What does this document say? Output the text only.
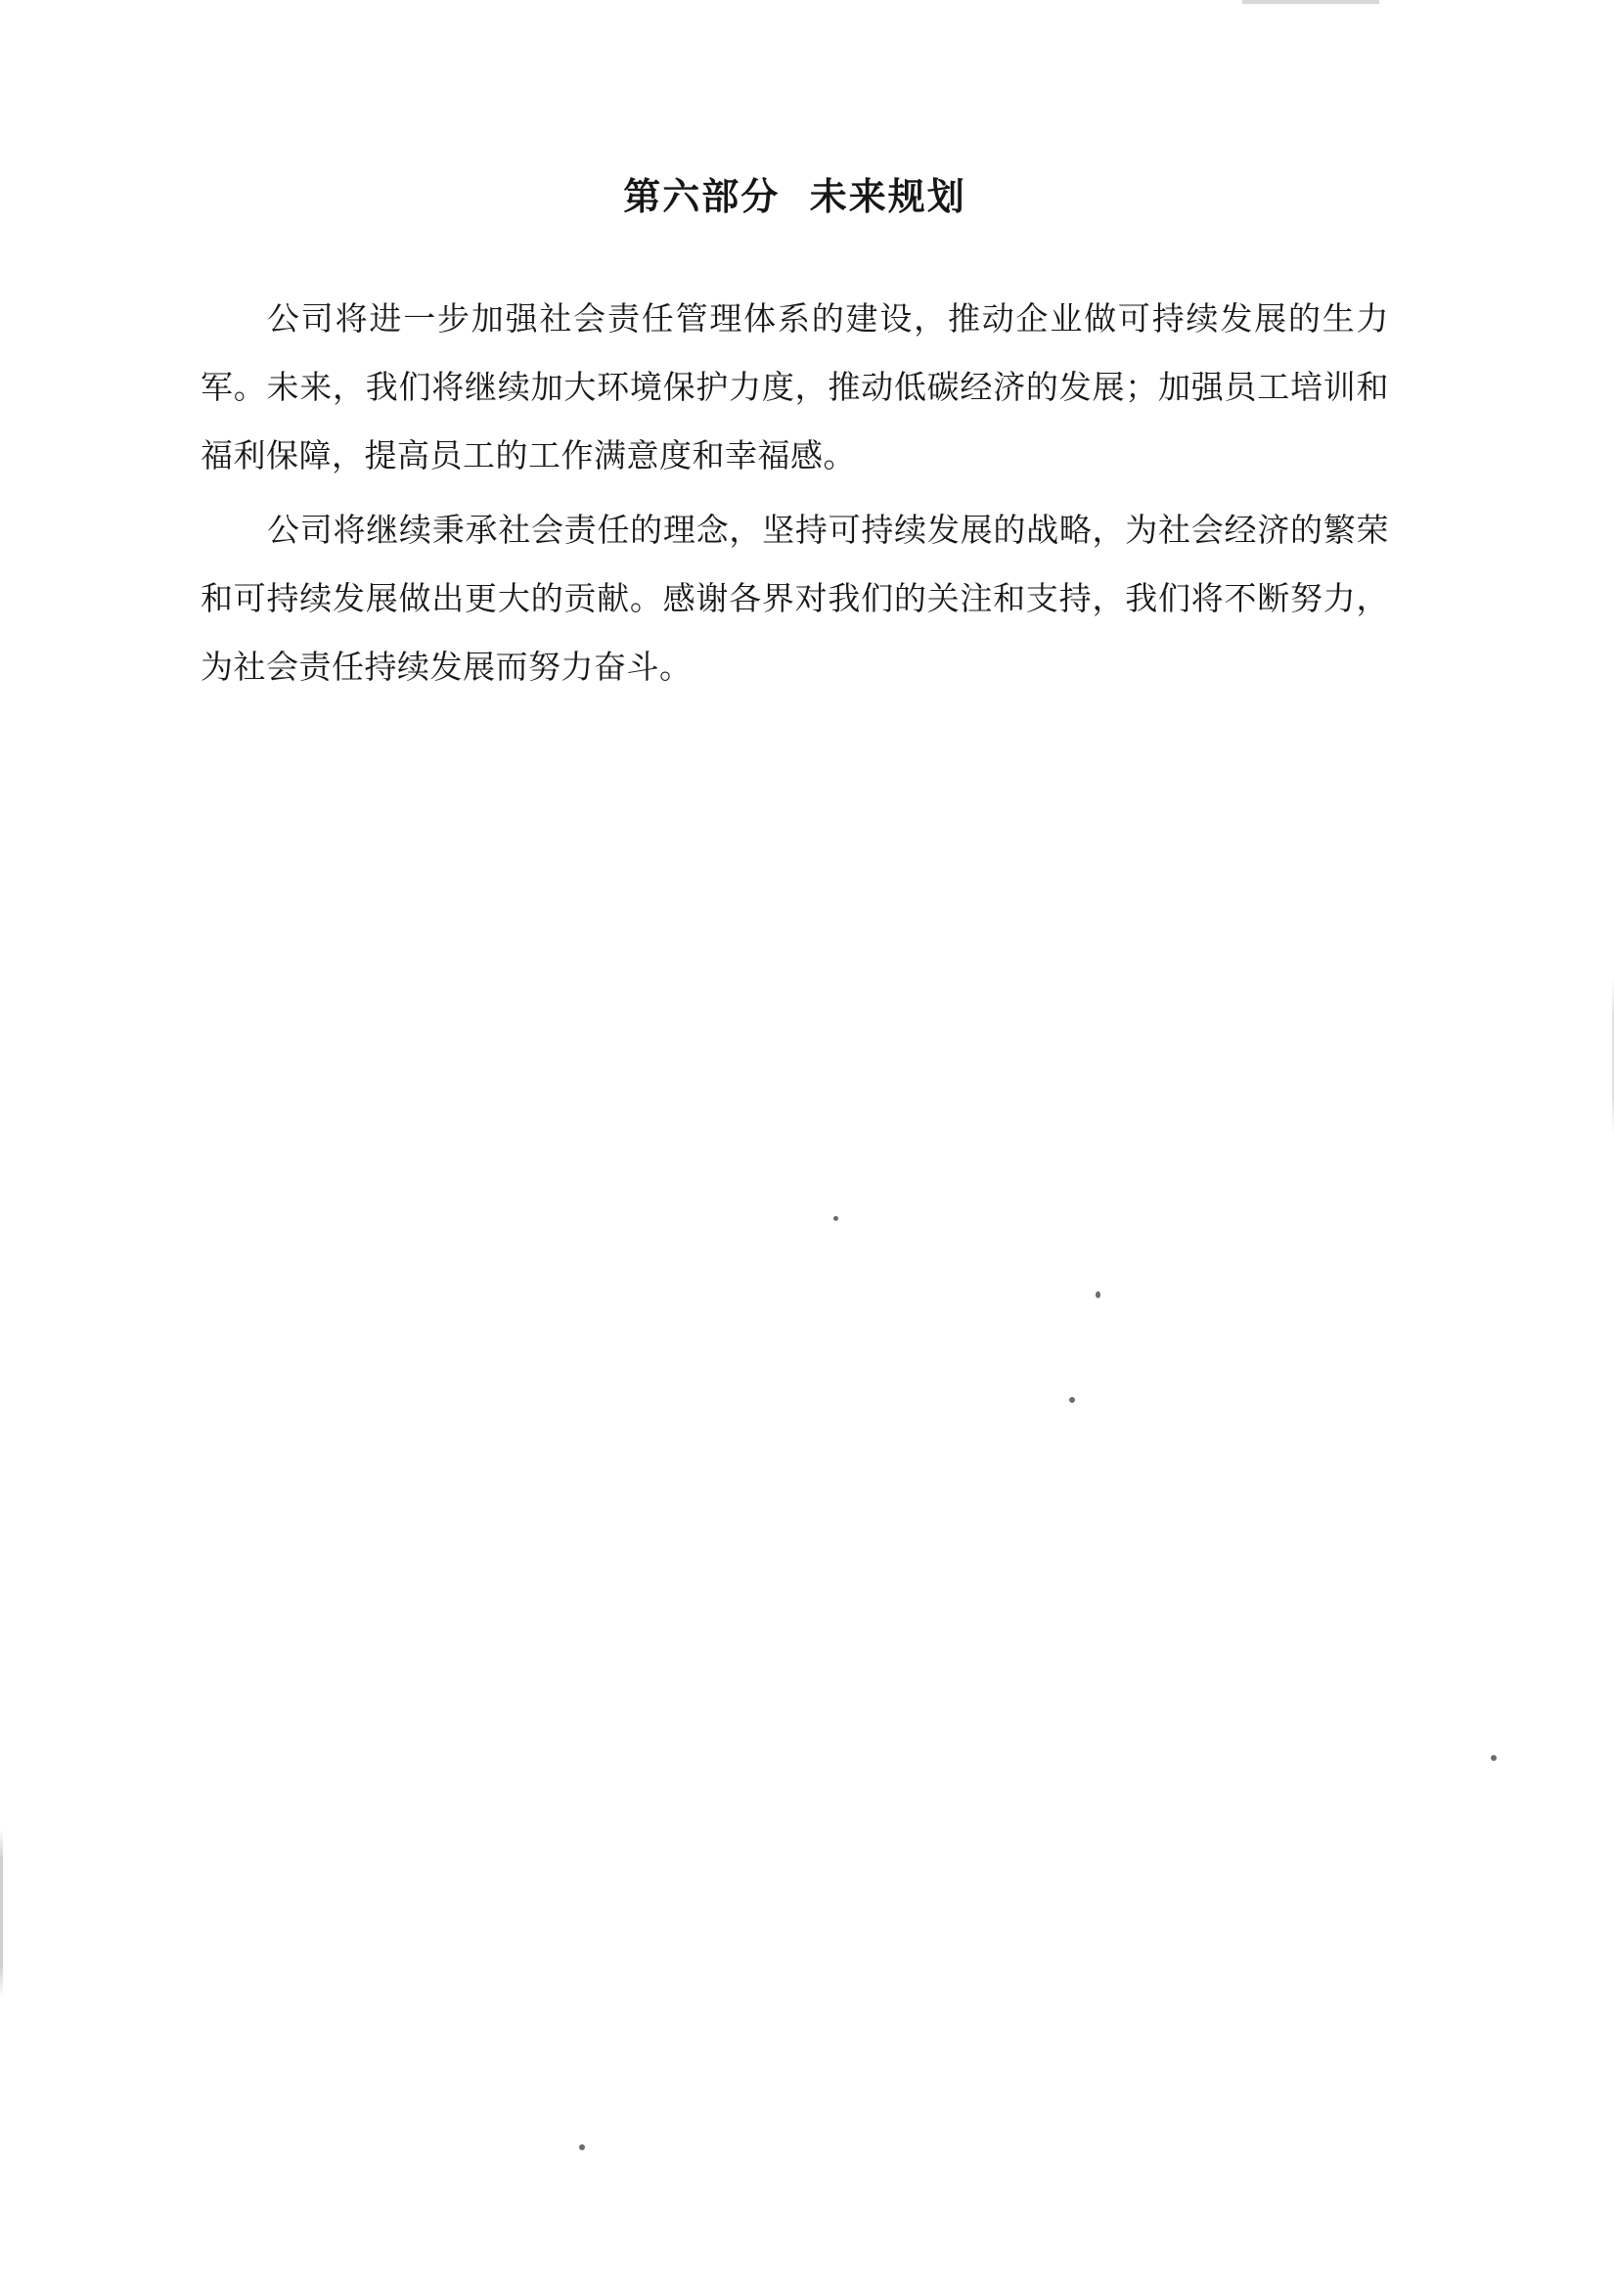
第六部分  未来规划

公司将进一步加强社会责任管理体系的建设，推动企业做可持续发展的生力军。未来，我们将继续加大环境保护力度，推动低碳经济的发展；加强员工培训和福利保障，提高员工的工作满意度和幸福感。

公司将继续秉承社会责任的理念，坚持可持续发展的战略，为社会经济的繁荣和可持续发展做出更大的贡献。感谢各界对我们的关注和支持，我们将不断努力，为社会责任持续发展而努力奋斗。
